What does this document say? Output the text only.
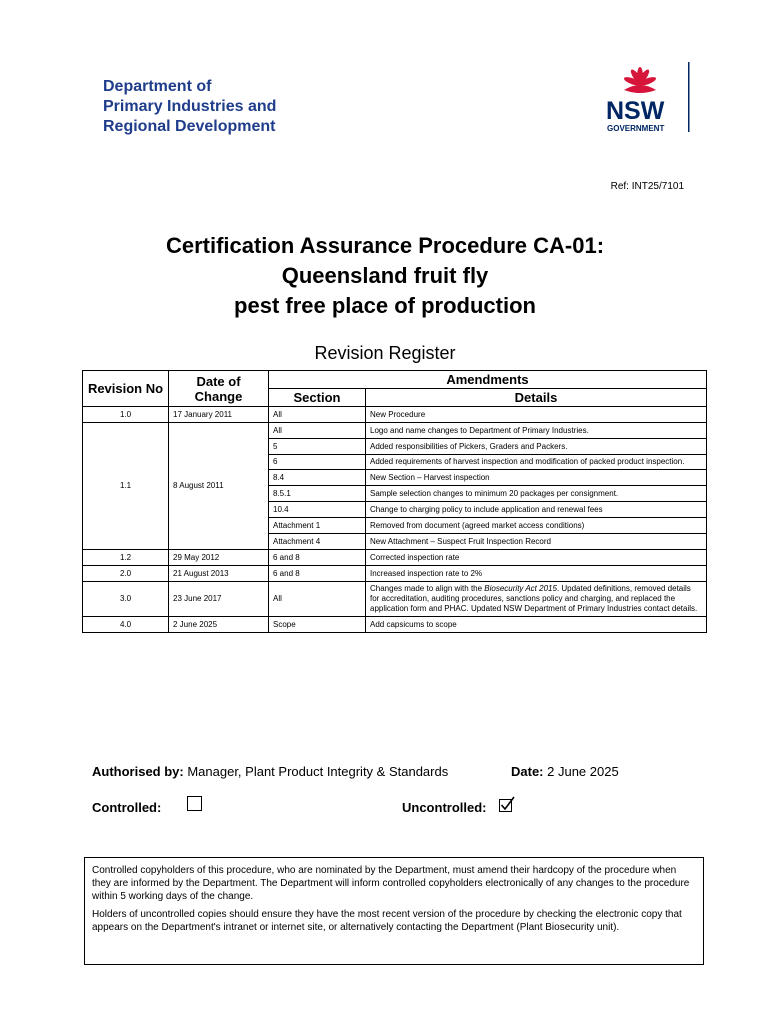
Department of
Primary Industries and
Regional Development
NSW
GOVERNMENT
Ref: INT25/7101
Certification Assurance Procedure CA-01:
Queensland fruit fly
pest free place of production
Revision Register
Revision No	Date of Change	Amendments	
		Section	Details
1.0	17 January 2011	All	New Procedure
1.1	8 August 2011	All	Logo and name changes to Department of Primary Industries.
		5	Added responsibilities of Pickers, Graders and Packers.
		6	Added requirements of harvest inspection and modification of packed product inspection.
		8.4	New Section – Harvest inspection
		8.5.1	Sample selection changes to minimum 20 packages per consignment.
		10.4	Change to charging policy to include application and renewal fees
		Attachment 1	Removed from document (agreed market access conditions)
		Attachment 4	New Attachment – Suspect Fruit Inspection Record
1.2	29 May 2012	6 and 8	Corrected inspection rate
2.0	21 August 2013	6 and 8	Increased inspection rate to 2%
3.0	23 June 2017	All	Changes made to align with the Biosecurity Act 2015. Updated definitions, removed details for accreditation, auditing procedures, sanctions policy and charging, and replaced the application form and PHAC. Updated NSW Department of Primary Industries contact details.
4.0	2 June 2025	Scope	Add capsicums to scope
Authorised by: Manager, Plant Product Integrity & Standards	Date: 2 June 2025
Controlled:	Uncontrolled:

Controlled copyholders of this procedure, who are nominated by the Department, must amend their hardcopy of the procedure when they are informed by the Department. The Department will inform controlled copyholders electronically of any changes to the procedure within 5 working days of the change.

Holders of uncontrolled copies should ensure they have the most recent version of the procedure by checking the electronic copy that appears on the Department's intranet or internet site, or alternatively contacting the Department (Plant Biosecurity unit).
